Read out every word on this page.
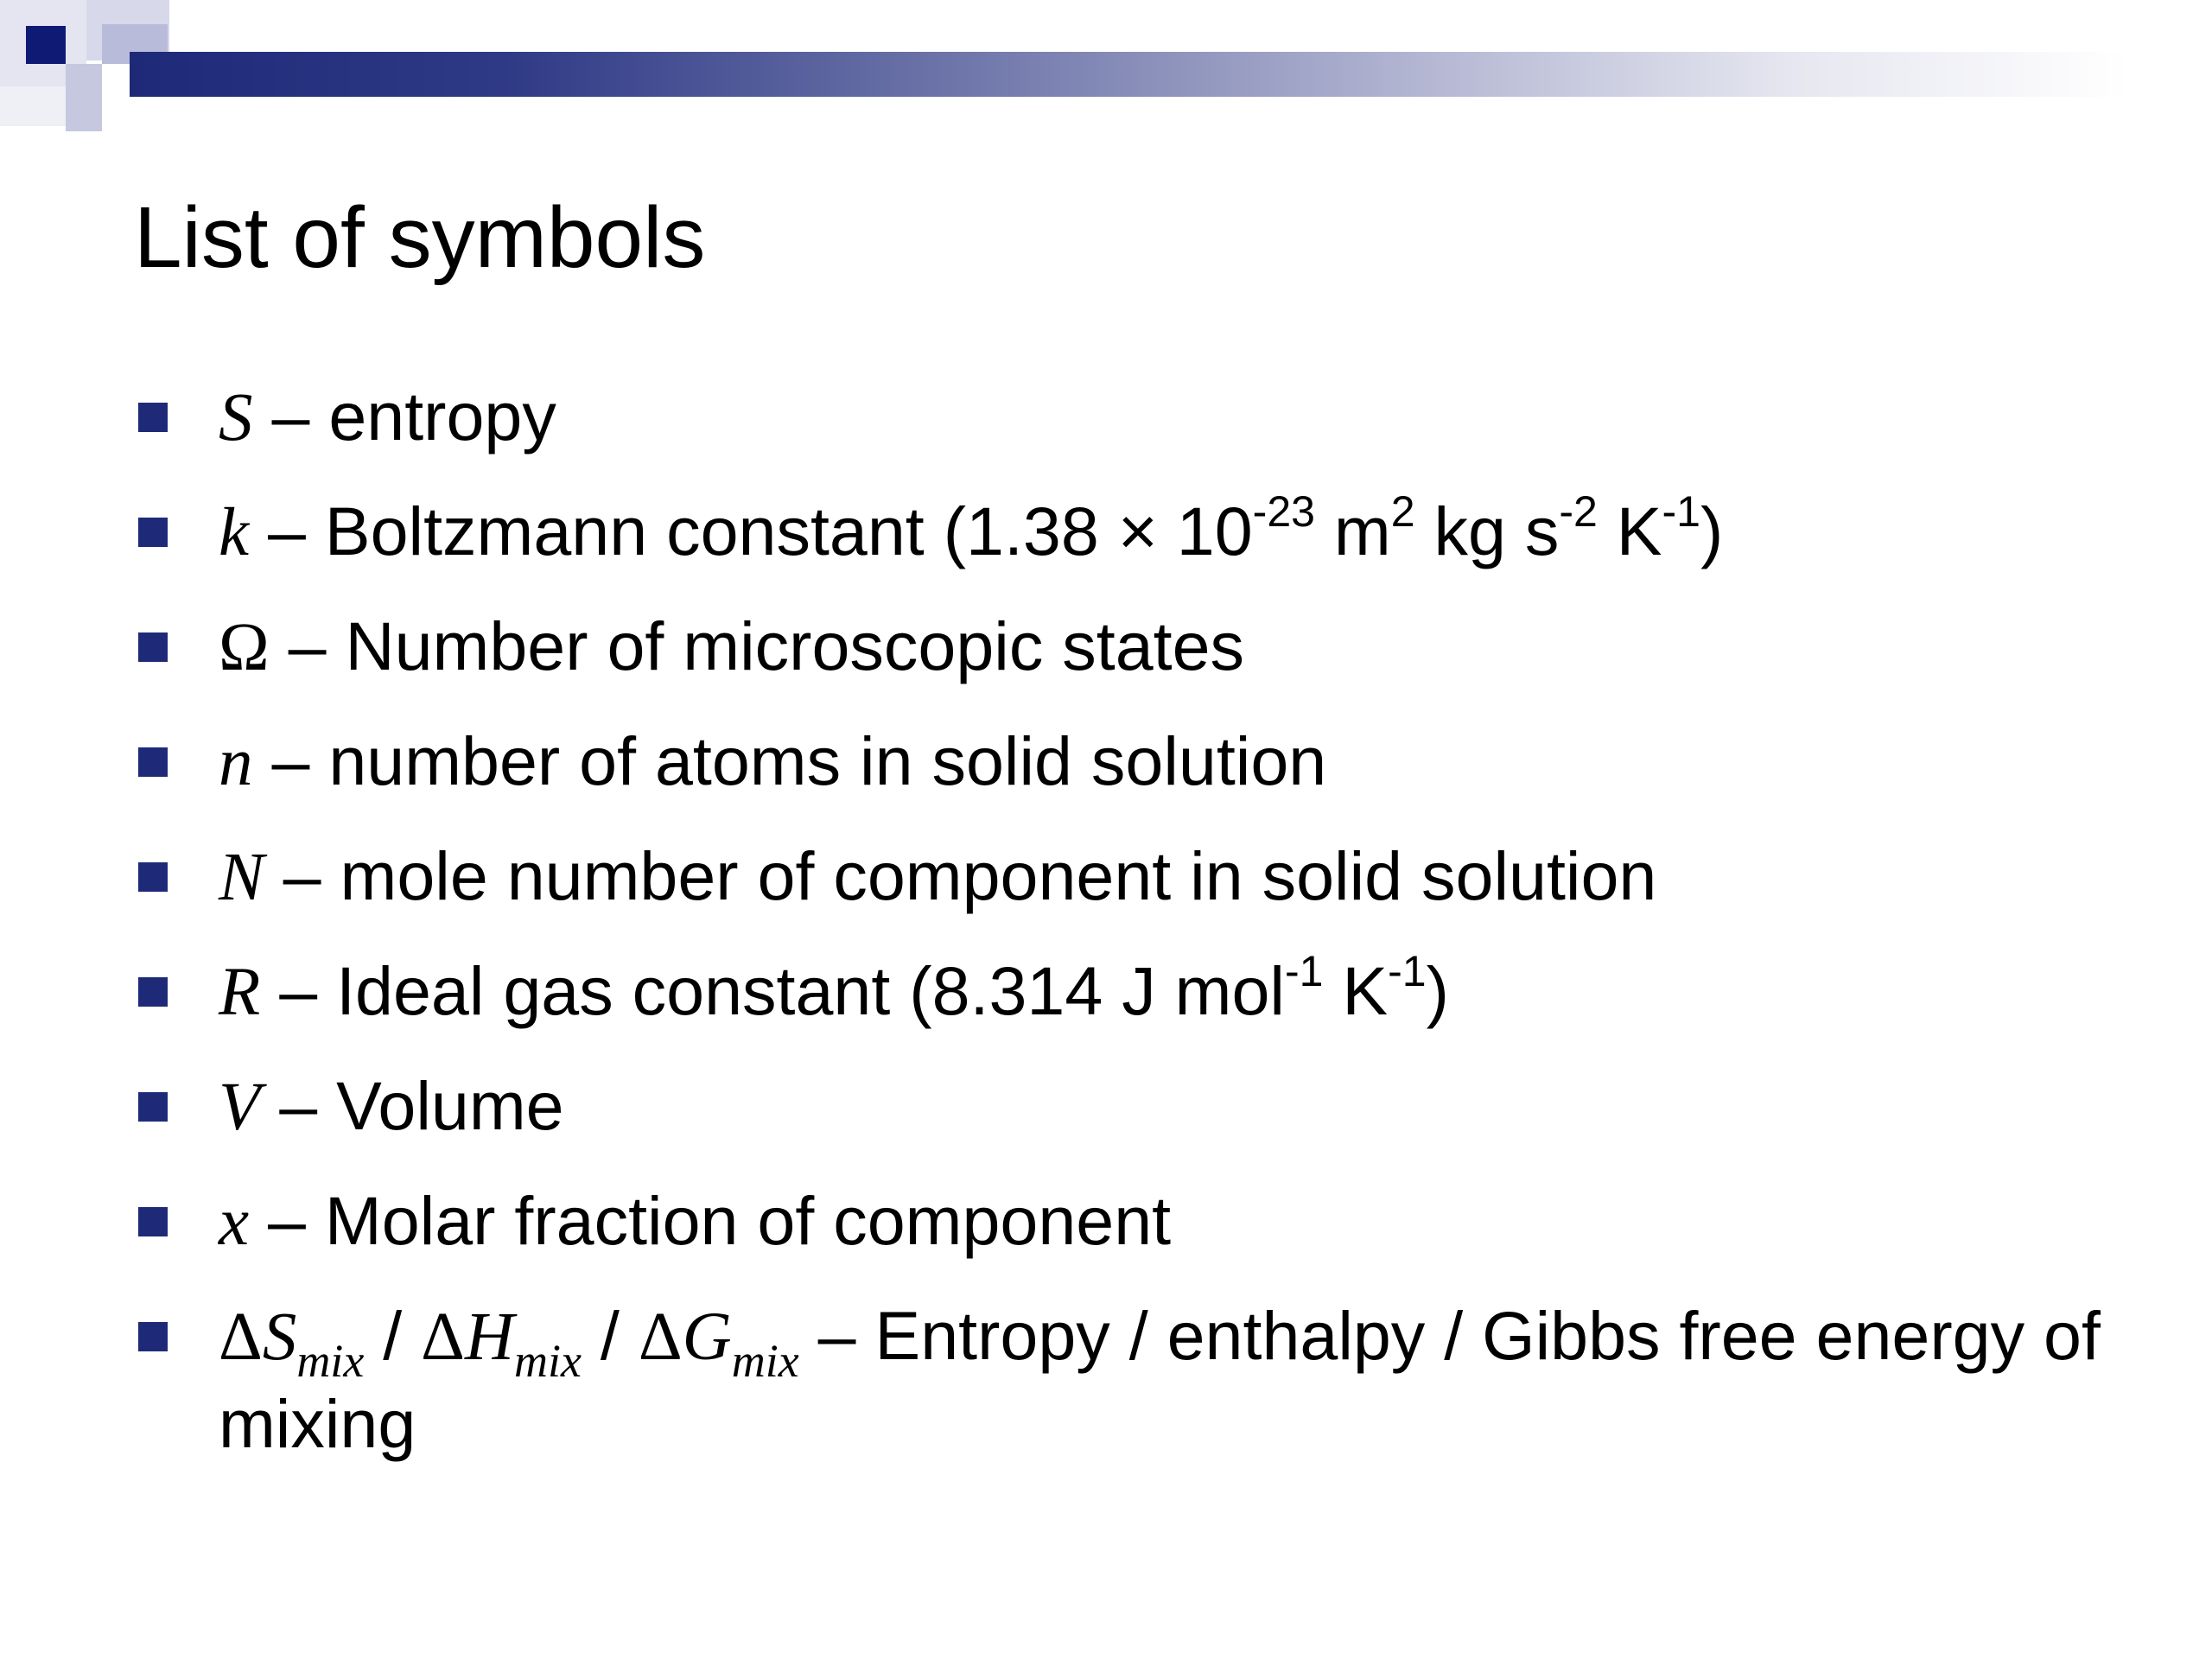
List of symbols
S – entropy
k – Boltzmann constant ($1.38 \times 10^{-23}$ $m^2$ kg $s^{-2}$ $K^{-1}$)
Ω – Number of microscopic states
n – number of atoms in solid solution
N – mole number of component in solid solution
R – Ideal gas constant (8.314 J mol$^{-1}$ $K^{-1}$)
V – Volume
x – Molar fraction of component
$\Delta S_{mix} / \Delta H_{mix} / \Delta G_{mix}$ – Entropy / enthalpy / Gibbs free energy of mixing
